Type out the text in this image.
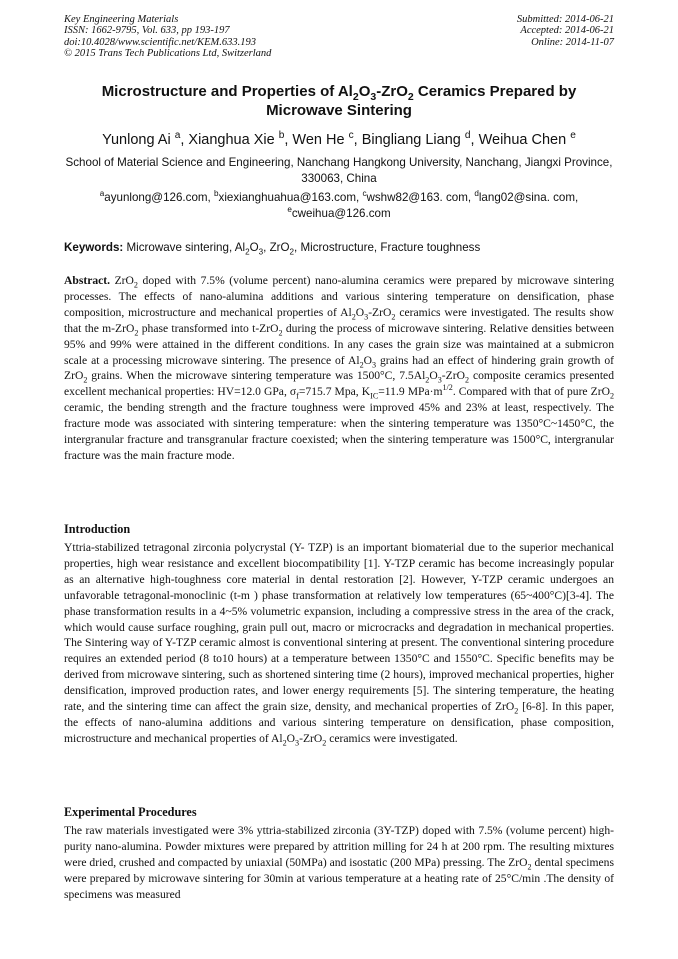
Key Engineering Materials
ISSN: 1662-9795, Vol. 633, pp 193-197
doi:10.4028/www.scientific.net/KEM.633.193
© 2015 Trans Tech Publications Ltd, Switzerland
Submitted: 2014-06-21
Accepted: 2014-06-21
Online: 2014-11-07
Microstructure and Properties of $Al_2O_3-ZrO_2$ Ceramics Prepared by Microwave Sintering
Yunlong Ai $^a$, Xianghua Xie $^b$, Wen He $^c$, Bingliang Liang $^d$, Weihua Chen $^e$
School of Material Science and Engineering, Nanchang Hangkong University, Nanchang, Jiangxi Province, 330063, China
$^a$ayunlong@126.com, $^b$xiexianghuahua@163.com, $^c$wshw82@163. com, $^d$lang02@sina. com,
$^e$cweihua@126.com
Keywords: Microwave sintering, $Al_2O_3$, ZrO$_2$, Microstructure, Fracture toughness
Abstract. ZrO$_2$ doped with 7.5% (volume percent) nano-alumina ceramics were prepared by microwave sintering processes. The effects of nano-alumina additions and various sintering temperature on densification, phase composition, microstructure and mechanical properties of $Al_2O_3-ZrO_2$ ceramics were investigated. The results show that the m-ZrO$_2$ phase transformed into t-ZrO$_2$ during the process of microwave sintering. Relative densities between 95% and 99% were attained in the different conditions. In any cases the grain size was maintained at a submicron scale at a processing microwave sintering. The presence of $Al_2O_3$ grains had an effect of hindering grain growth of ZrO$_2$ grains. When the microwave sintering temperature was 1500°C, $7.5Al_2O_3-ZrO_2$ composite ceramics presented excellent mechanical properties: HV=12.0 GPa, $\sigma_f=715.7$ Mpa, $K_{IC}=11.9$ $MPa\cdot m^{1/2}$. Compared with that of pure ZrO$_2$ ceramic, the bending strength and the fracture toughness were improved 45% and 23% at least, respectively. The fracture mode was associated with sintering temperature: when the sintering temperature was 1350°C~1450°C, the intergranular fracture and transgranular fracture coexisted; when the sintering temperature was 1500°C, intergranular fracture was the main fracture mode.
Introduction
Yttria-stabilized tetragonal zirconia polycrystal (Y- TZP) is an important biomaterial due to the superior mechanical properties, high wear resistance and excellent biocompatibility [1]. Y-TZP ceramic has become increasingly popular as an alternative high-toughness core material in dental restoration [2]. However, Y-TZP ceramic undergoes an unfavorable tetragonal-monoclinic (t-m ) phase transformation at relatively low temperatures (65~400°C)[3-4]. The phase transformation results in a 4~5% volumetric expansion, including a compressive stress in the area of the crack, which would cause surface roughing, grain pull out, macro or microcracks and degradation in mechanical properties. The Sintering way of Y-TZP ceramic almost is conventional sintering at present. The conventional sintering procedure requires an extended period (8 to10 hours) at a temperature between 1350°C and 1550°C. Specific benefits may be derived from microwave sintering, such as shortened sintering time (2 hours), improved mechanical properties, higher densification, improved production rates, and lower energy requirements [5]. The sintering temperature, the heating rate, and the sintering time can affect the grain size, density, and mechanical properties of ZrO$_2$ [6-8]. In this paper, the effects of nano-alumina additions and various sintering temperature on densification, phase composition, microstructure and mechanical properties of $Al_2O_3-ZrO_2$ ceramics were investigated.
Experimental Procedures
The raw materials investigated were 3% yttria-stabilized zirconia (3Y-TZP) doped with 7.5% (volume percent) high-purity nano-alumina. Powder mixtures were prepared by attrition milling for 24 h at 200 rpm. The resulting mixtures were dried, crushed and compacted by uniaxial (50MPa) and isostatic (200 MPa) pressing. The ZrO$_2$ dental specimens were prepared by microwave sintering for 30min at various temperature at a heating rate of 25°C/min .The density of specimens was measured
